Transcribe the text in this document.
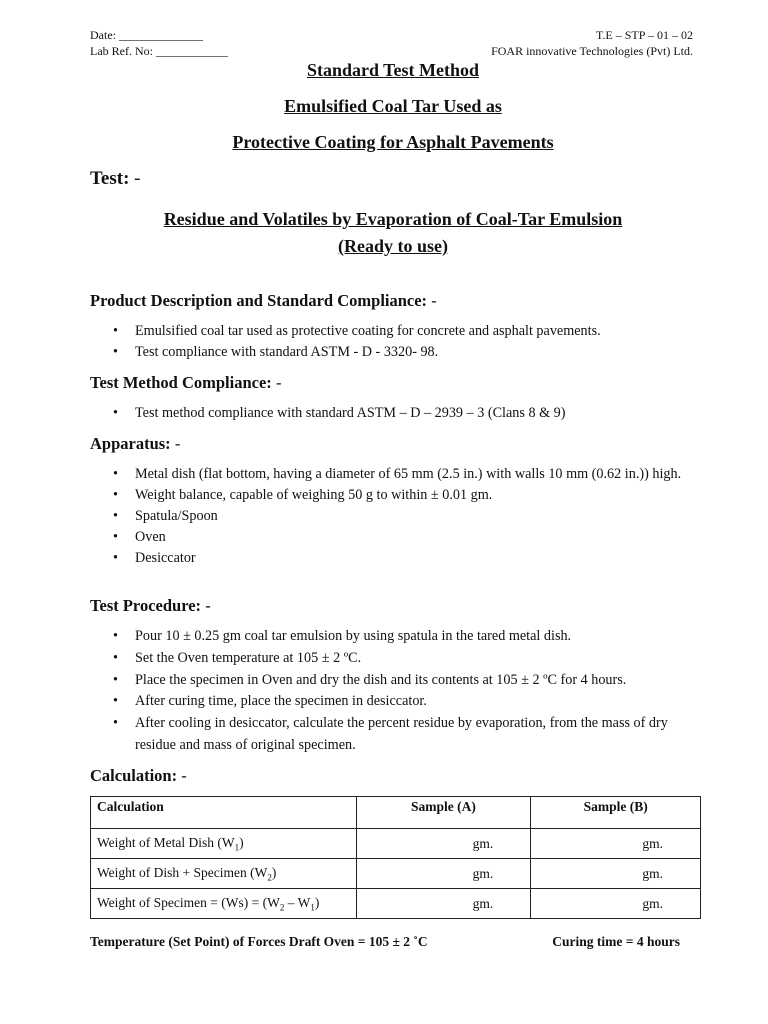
Date: ______________
Lab Ref. No: ____________
T.E – STP – 01 – 02
FOAR innovative Technologies (Pvt) Ltd.
Standard Test Method
Emulsified Coal Tar Used as
Protective Coating for Asphalt Pavements
Test: -
Residue and Volatiles by Evaporation of Coal-Tar Emulsion
(Ready to use)
Product Description and Standard Compliance: -
• Emulsified coal tar used as protective coating for concrete and asphalt pavements.
• Test compliance with standard ASTM - D - 3320- 98.
Test Method Compliance: -
• Test method compliance with standard ASTM – D – 2939 – 3 (Clans 8 & 9)
Apparatus: -
• Metal dish (flat bottom, having a diameter of 65 mm (2.5 in.) with walls 10 mm (0.62 in.)) high.
• Weight balance, capable of weighing 50 g to within ± 0.01 gm.
• Spatula/Spoon
• Oven
• Desiccator
Test Procedure: -
• Pour 10 ± 0.25 gm coal tar emulsion by using spatula in the tared metal dish.
• Set the Oven temperature at 105 ± 2 ºC.
• Place the specimen in Oven and dry the dish and its contents at 105 ± 2 ºC for 4 hours.
• After curing time, place the specimen in desiccator.
• After cooling in desiccator, calculate the percent residue by evaporation, from the mass of dry residue and mass of original specimen.
Calculation: -
Calculation	Sample (A)	Sample (B)
Weight of Metal Dish $(W_1)$	gm.	gm.
Weight of Dish + Specimen $(W_2)$	gm.	gm.
Weight of Specimen = $(Ws) = (W_2 - W_1)$	gm.	gm.
Temperature (Set Point) of Forces Draft Oven = 105 ± 2 ˚C	Curing time = 4 hours
